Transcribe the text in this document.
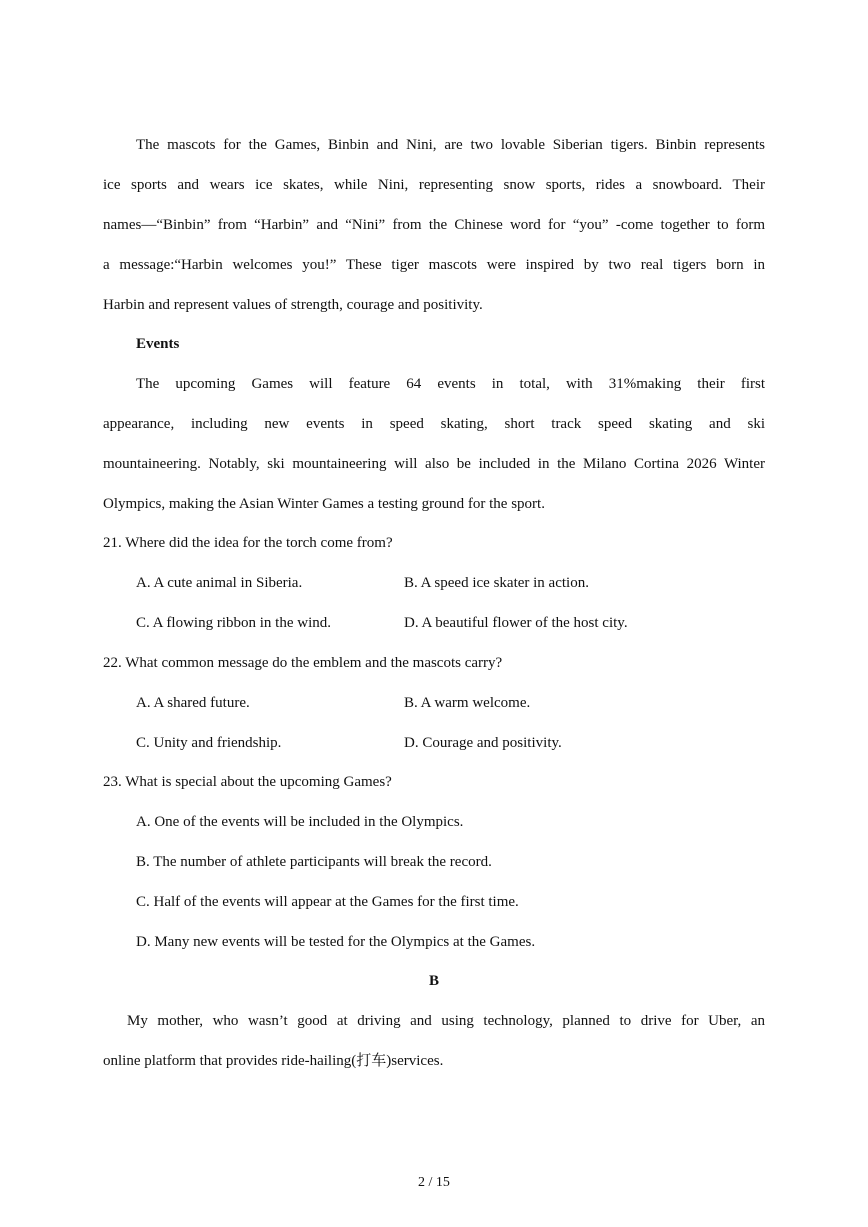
The mascots for the Games, Binbin and Nini, are two lovable Siberian tigers. Binbin represents
ice sports and wears ice skates, while Nini, representing snow sports, rides a snowboard. Their
names—“Binbin” from “Harbin” and “Nini” from the Chinese word for “you” -come together to form
a message:“Harbin welcomes you!” These tiger mascots were inspired by two real tigers born in
Harbin and represent values of strength, courage and positivity.
Events
The upcoming Games will feature 64 events in total, with 31%making their first
appearance, including new events in speed skating, short track speed skating and ski
mountaineering. Notably, ski mountaineering will also be included in the Milano Cortina 2026 Winter
Olympics, making the Asian Winter Games a testing ground for the sport.
21. Where did the idea for the torch come from?
A. A cute animal in Siberia.	B. A speed ice skater in action.
C. A flowing ribbon in the wind.	D. A beautiful flower of the host city.
22. What common message do the emblem and the mascots carry?
A. A shared future.	B. A warm welcome.
C. Unity and friendship.	D. Courage and positivity.
23. What is special about the upcoming Games?
A. One of the events will be included in the Olympics.
B. The number of athlete participants will break the record.
C. Half of the events will appear at the Games for the first time.
D. Many new events will be tested for the Olympics at the Games.
B
My mother, who wasn’t good at driving and using technology, planned to drive for Uber, an
online platform that provides ride-hailing(打车)services.
2 / 15
